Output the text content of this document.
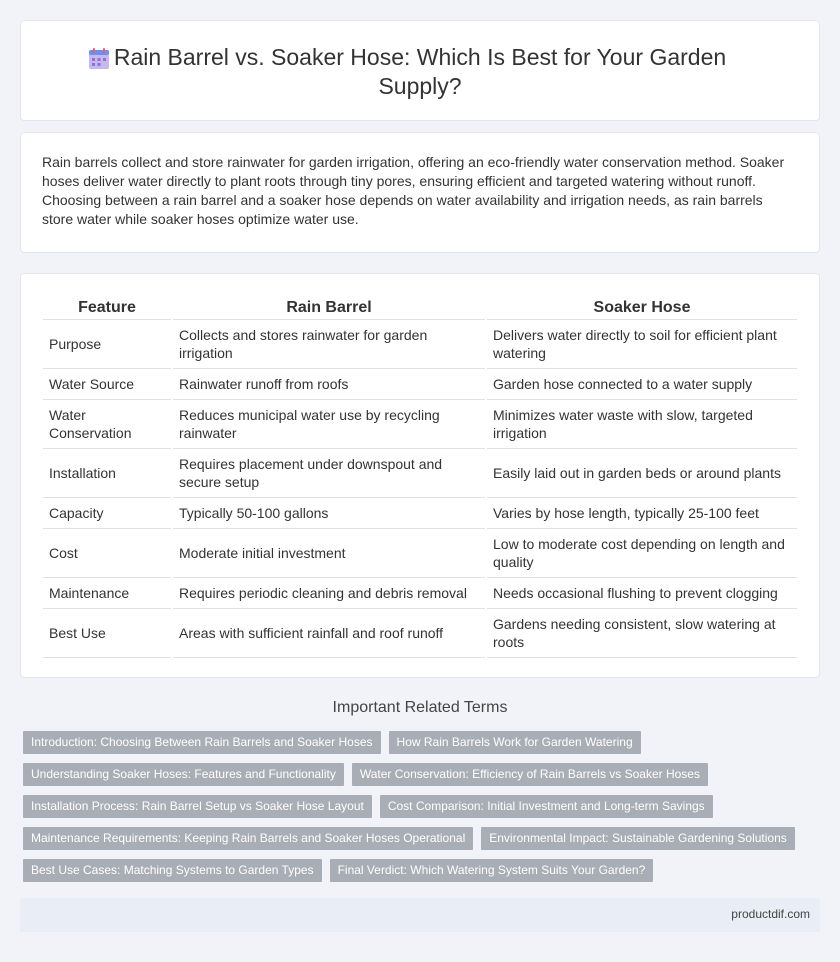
Rain Barrel vs. Soaker Hose: Which Is Best for Your Garden Supply?

Rain barrels collect and store rainwater for garden irrigation, offering an eco-friendly water conservation method. Soaker hoses deliver water directly to plant roots through tiny pores, ensuring efficient and targeted watering without runoff. Choosing between a rain barrel and a soaker hose depends on water availability and irrigation needs, as rain barrels store water while soaker hoses optimize water use.

Feature	Rain Barrel	Soaker Hose
Purpose	Collects and stores rainwater for garden irrigation	Delivers water directly to soil for efficient plant watering
Water Source	Rainwater runoff from roofs	Garden hose connected to a water supply
Water Conservation	Reduces municipal water use by recycling rainwater	Minimizes water waste with slow, targeted irrigation
Installation	Requires placement under downspout and secure setup	Easily laid out in garden beds or around plants
Capacity	Typically 50-100 gallons	Varies by hose length, typically 25-100 feet
Cost	Moderate initial investment	Low to moderate cost depending on length and quality
Maintenance	Requires periodic cleaning and debris removal	Needs occasional flushing to prevent clogging
Best Use	Areas with sufficient rainfall and roof runoff	Gardens needing consistent, slow watering at roots
Important Related Terms
Introduction: Choosing Between Rain Barrels and Soaker Hoses	How Rain Barrels Work for Garden Watering
Understanding Soaker Hoses: Features and Functionality	Water Conservation: Efficiency of Rain Barrels vs Soaker Hoses
Installation Process: Rain Barrel Setup vs Soaker Hose Layout	Cost Comparison: Initial Investment and Long-term Savings
Maintenance Requirements: Keeping Rain Barrels and Soaker Hoses Operational	Environmental Impact: Sustainable Gardening Solutions
Best Use Cases: Matching Systems to Garden Types	Final Verdict: Which Watering System Suits Your Garden?
productdif.com
